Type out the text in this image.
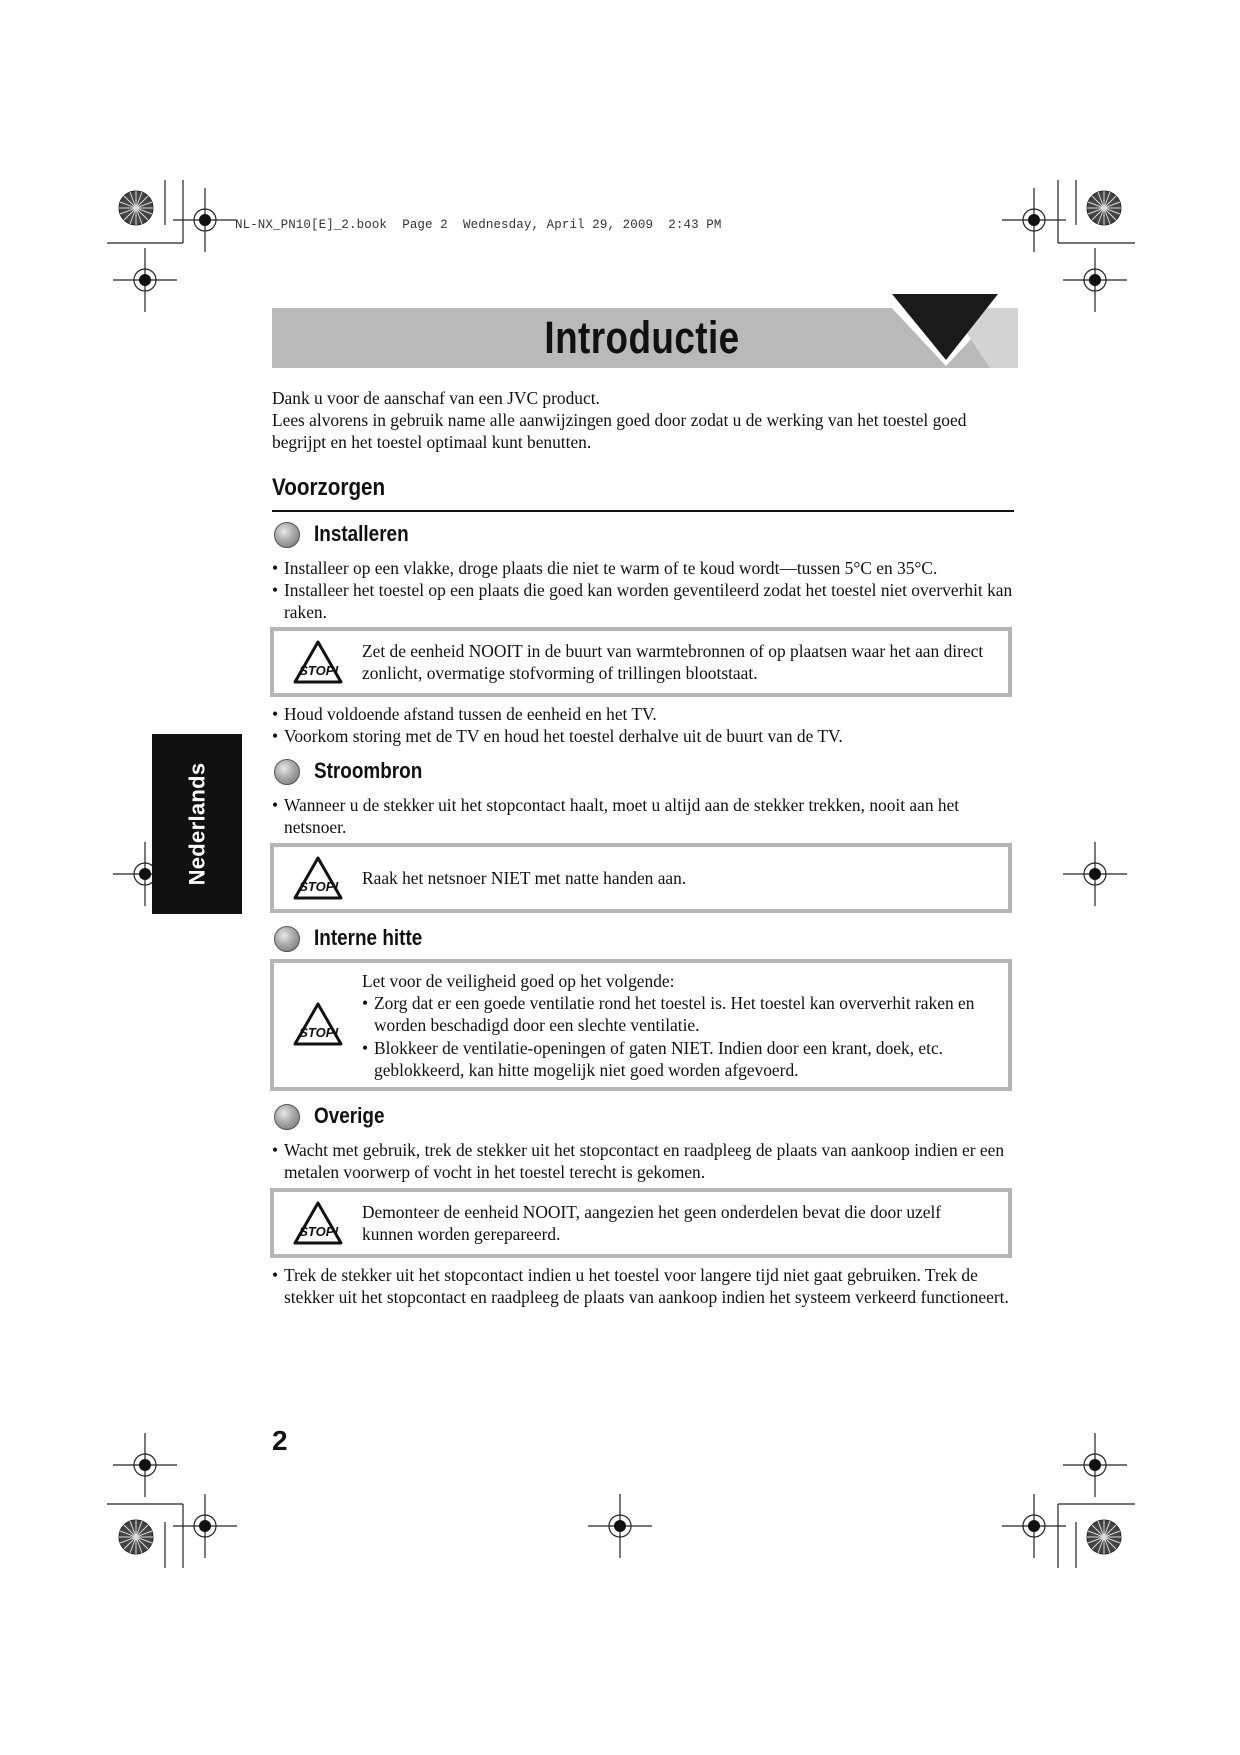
NL-NX_PN10[E]_2.book  Page 2  Wednesday, April 29, 2009  2:43 PM
Introductie
Dank u voor de aanschaf van een JVC product.
Lees alvorens in gebruik name alle aanwijzingen goed door zodat u de werking van het toestel goed begrijpt en het toestel optimaal kunt benutten.
Voorzorgen
Installeren
• Installeer op een vlakke, droge plaats die niet te warm of te koud wordt—tussen 5°C en 35°C.
• Installeer het toestel op een plaats die goed kan worden geventileerd zodat het toestel niet oververhit kan raken.
STOP!
Zet de eenheid NOOIT in de buurt van warmtebronnen of op plaatsen waar het aan direct zonlicht, overmatige stofvorming of trillingen blootstaat.
• Houd voldoende afstand tussen de eenheid en het TV.
• Voorkom storing met de TV en houd het toestel derhalve uit de buurt van de TV.
Stroombron
• Wanneer u de stekker uit het stopcontact haalt, moet u altijd aan de stekker trekken, nooit aan het netsnoer.
STOP! Raak het netsnoer NIET met natte handen aan.
Interne hitte
STOP!
Let voor de veiligheid goed op het volgende:
• Zorg dat er een goede ventilatie rond het toestel is. Het toestel kan oververhit raken en worden beschadigd door een slechte ventilatie.
• Blokkeer de ventilatie-openingen of gaten NIET. Indien door een krant, doek, etc. geblokkeerd, kan hitte mogelijk niet goed worden afgevoerd.
Overige
• Wacht met gebruik, trek de stekker uit het stopcontact en raadpleeg de plaats van aankoop indien er een metalen voorwerp of vocht in het toestel terecht is gekomen.
STOP!
Demonteer de eenheid NOOIT, aangezien het geen onderdelen bevat die door uzelf kunnen worden gerepareerd.
• Trek de stekker uit het stopcontact indien u het toestel voor langere tijd niet gaat gebruiken. Trek de stekker uit het stopcontact en raadpleeg de plaats van aankoop indien het systeem verkeerd functioneert.
Nederlands
2
